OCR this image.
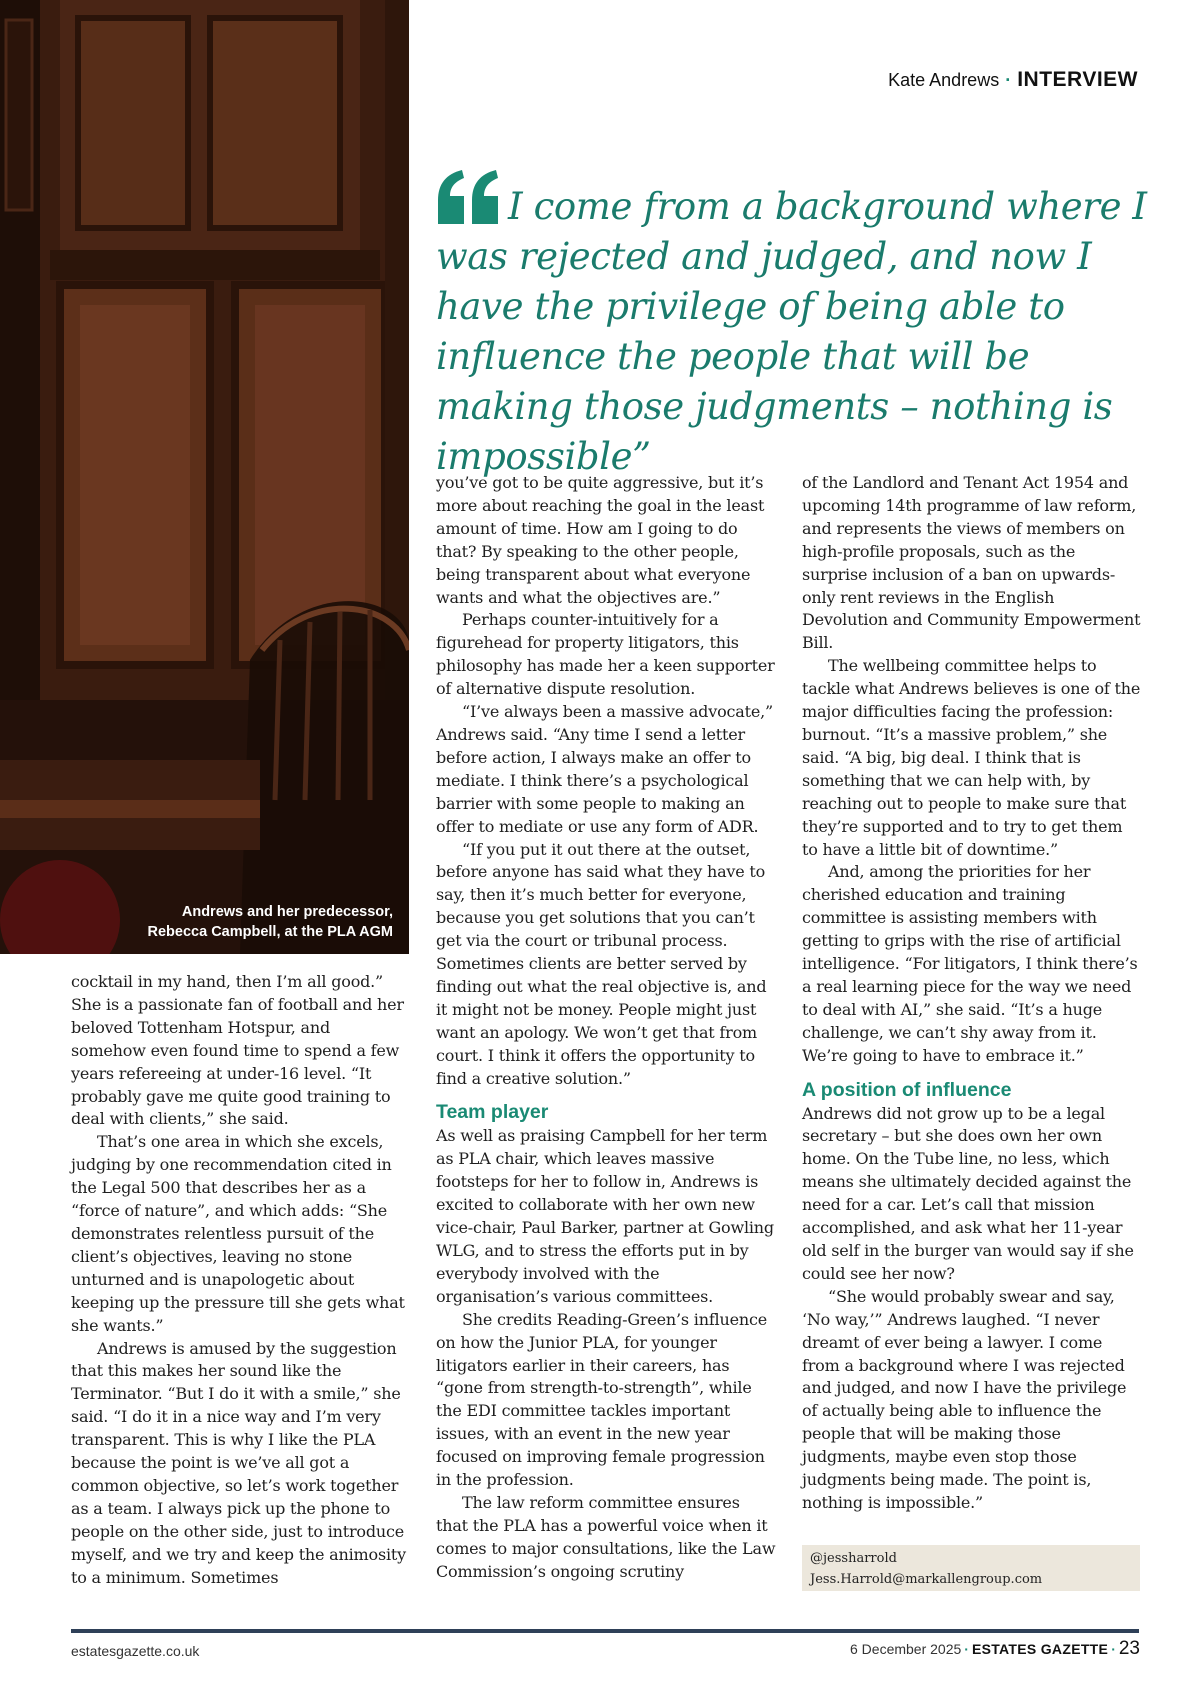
Andrews and her predecessor,
Rebecca Campbell, at the PLA AGM
Kate Andrews · INTERVIEW
I come from a background where I was rejected and judged, and now I have the privilege of being able to influence the people that will be making those judgments – nothing is impossible”

cocktail in my hand, then I’m all good.” She is a passionate fan of football and her beloved Tottenham Hotspur, and somehow even found time to spend a few years refereeing at under-16 level. “It probably gave me quite good training to deal with clients,” she said.

That’s one area in which she excels, judging by one recommendation cited in the Legal 500 that describes her as a “force of nature”, and which adds: “She demonstrates relentless pursuit of the client’s objectives, leaving no stone unturned and is unapologetic about keeping up the pressure till she gets what she wants.”

Andrews is amused by the suggestion that this makes her sound like the Terminator. “But I do it with a smile,” she said. “I do it in a nice way and I’m very transparent. This is why I like the PLA because the point is we’ve all got a common objective, so let’s work together as a team. I always pick up the phone to people on the other side, just to introduce myself, and we try and keep the animosity to a minimum. Sometimes

you’ve got to be quite aggressive, but it’s more about reaching the goal in the least amount of time. How am I going to do that? By speaking to the other people, being transparent about what everyone wants and what the objectives are.”

Perhaps counter-intuitively for a figurehead for property litigators, this philosophy has made her a keen supporter of alternative dispute resolution.

“I’ve always been a massive advocate,” Andrews said. “Any time I send a letter before action, I always make an offer to mediate. I think there’s a psychological barrier with some people to making an offer to mediate or use any form of ADR.

“If you put it out there at the outset, before anyone has said what they have to say, then it’s much better for everyone, because you get solutions that you can’t get via the court or tribunal process. Sometimes clients are better served by finding out what the real objective is, and it might not be money. People might just want an apology. We won’t get that from court. I think it offers the opportunity to find a creative solution.”

Team player

As well as praising Campbell for her term as PLA chair, which leaves massive footsteps for her to follow in, Andrews is excited to collaborate with her own new vice-chair, Paul Barker, partner at Gowling WLG, and to stress the efforts put in by everybody involved with the organisation’s various committees.

She credits Reading-Green’s influence on how the Junior PLA, for younger litigators earlier in their careers, has “gone from strength-to-strength”, while the EDI committee tackles important issues, with an event in the new year focused on improving female progression in the profession.

The law reform committee ensures that the PLA has a powerful voice when it comes to major consultations, like the Law Commission’s ongoing scrutiny

of the Landlord and Tenant Act 1954 and upcoming 14th programme of law reform, and represents the views of members on high-profile proposals, such as the surprise inclusion of a ban on upwards-only rent reviews in the English Devolution and Community Empowerment Bill.

The wellbeing committee helps to tackle what Andrews believes is one of the major difficulties facing the profession: burnout. “It’s a massive problem,” she said. “A big, big deal. I think that is something that we can help with, by reaching out to people to make sure that they’re supported and to try to get them to have a little bit of downtime.”

And, among the priorities for her cherished education and training committee is assisting members with getting to grips with the rise of artificial intelligence. “For litigators, I think there’s a real learning piece for the way we need to deal with AI,” she said. “It’s a huge challenge, we can’t shy away from it. We’re going to have to embrace it.”

A position of influence

Andrews did not grow up to be a legal secretary – but she does own her own home. On the Tube line, no less, which means she ultimately decided against the need for a car. Let’s call that mission accomplished, and ask what her 11-year old self in the burger van would say if she could see her now?

“She would probably swear and say, ‘No way,’” Andrews laughed. “I never dreamt of ever being a lawyer. I come from a background where I was rejected and judged, and now I have the privilege of actually being able to influence the people that will be making those judgments, maybe even stop those judgments being made. The point is, nothing is impossible.”

@jessharrold
Jess.Harrold@markallengroup.com
estatesgazette.co.uk	6 December 2025 · ESTATES GAZETTE · 23
